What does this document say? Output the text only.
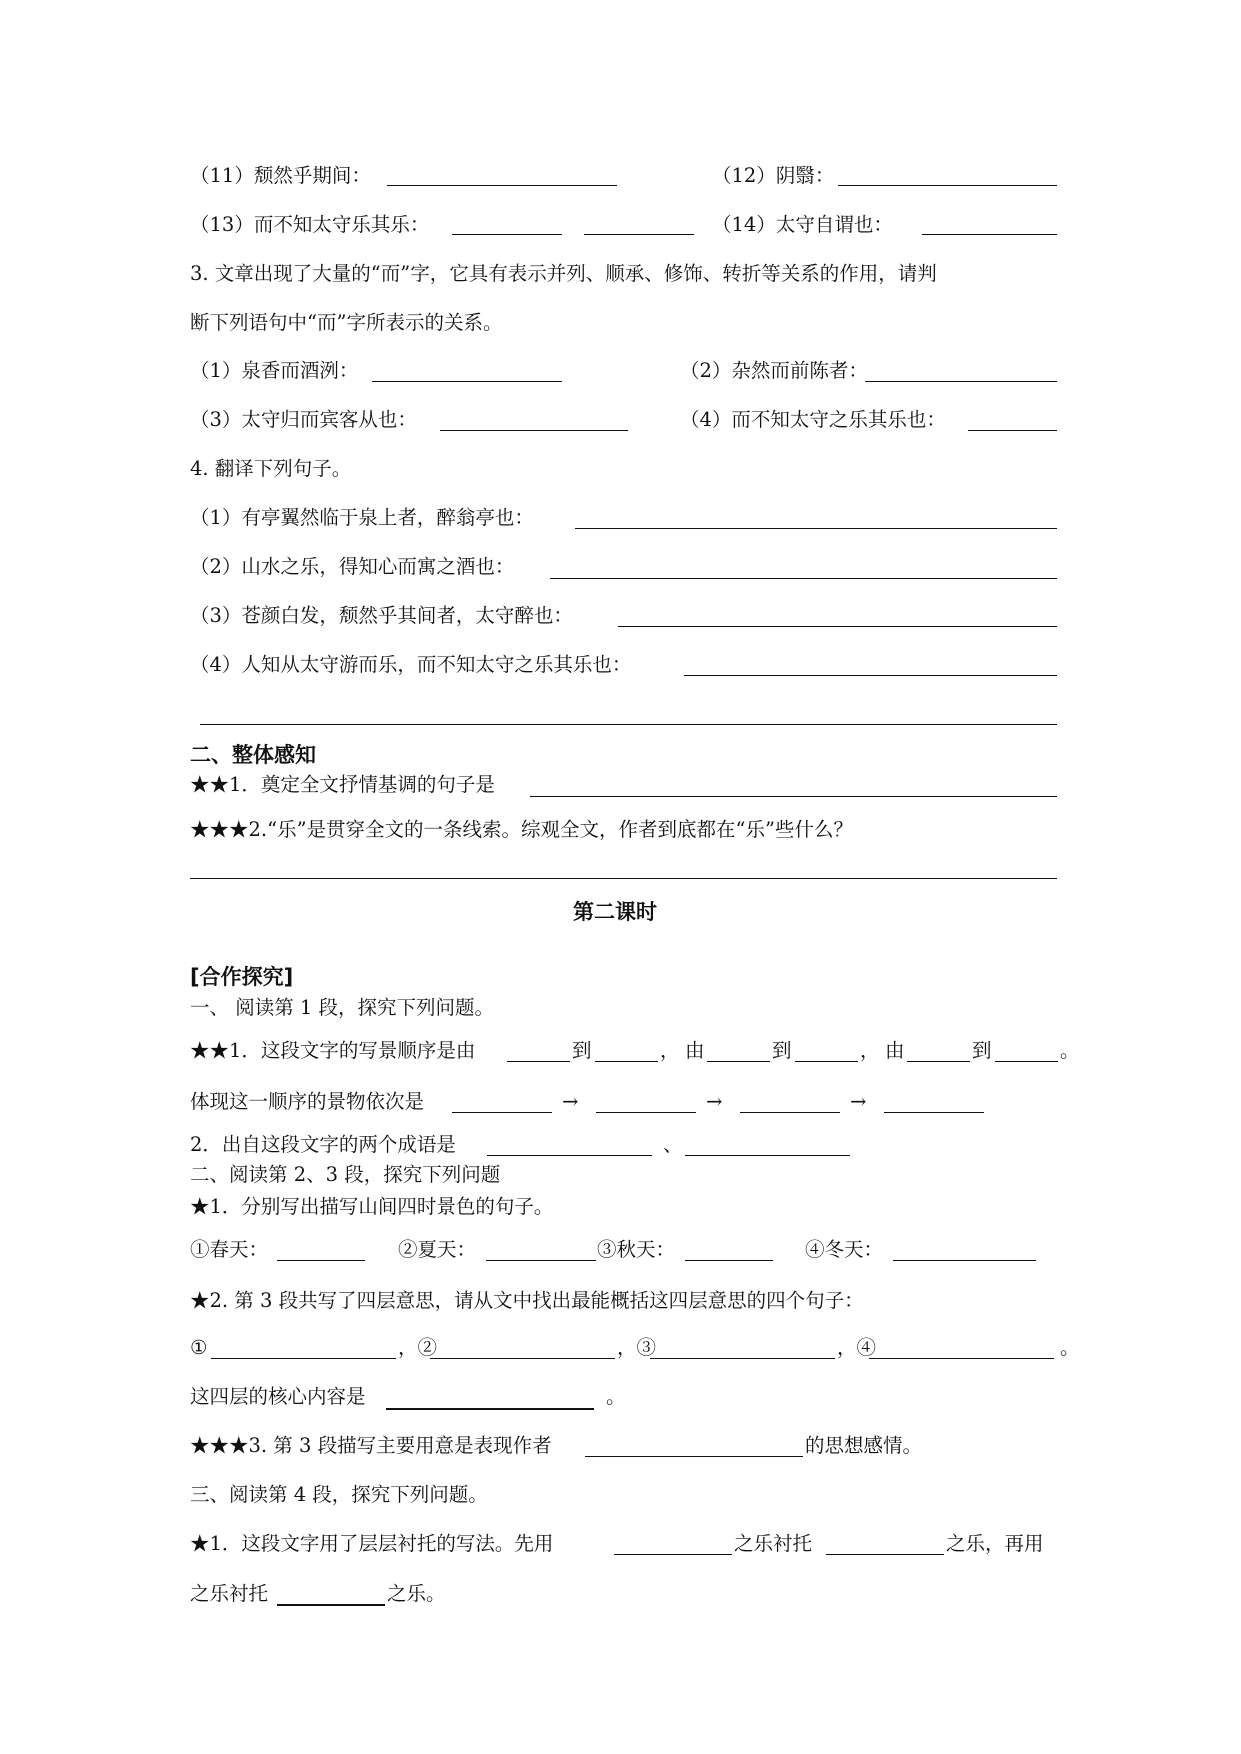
（11）颓然乎期间：	（12）阴翳：
（13）而不知太守乐其乐：	（14）太守自谓也：
3. 文章出现了大量的“而”字，它具有表示并列、顺承、修饰、转折等关系的作用，请判
断下列语句中“而”字所表示的关系。
（1）泉香而酒洌：	（2）杂然而前陈者：
（3）太守归而宾客从也：	（4）而不知太守之乐其乐也：
4. 翻译下列句子。
（1）有亭翼然临于泉上者，醉翁亭也：
（2）山水之乐，得知心而寓之酒也：
（3）苍颜白发，颓然乎其间者，太守醉也：
（4）人知从太守游而乐，而不知太守之乐其乐也：
二、整体感知
★★1．奠定全文抒情基调的句子是
★★★2.“乐”是贯穿全文的一条线索。综观全文，作者到底都在“乐”些什么？
第二课时
[合作探究]
一、 阅读第 1 段，探究下列问题。
★★1．这段文字的写景顺序是由	到	， 由	到	， 由	到	。
体现这一顺序的景物依次是	→	→	→
2．出自这段文字的两个成语是	、
二、阅读第 2、3 段，探究下列问题
★1．分别写出描写山间四时景色的句子。
①春天：	②夏天：	③秋天：	④冬天：
★2. 第 3 段共写了四层意思，请从文中找出最能概括这四层意思的四个句子：
①	，②	，③	，④	。
这四层的核心内容是	。
★★★3. 第 3 段描写主要用意是表现作者	的思想感情。
三、阅读第 4 段，探究下列问题。
★1．这段文字用了层层衬托的写法。先用	之乐衬托	之乐，再用
之乐衬托	之乐。
